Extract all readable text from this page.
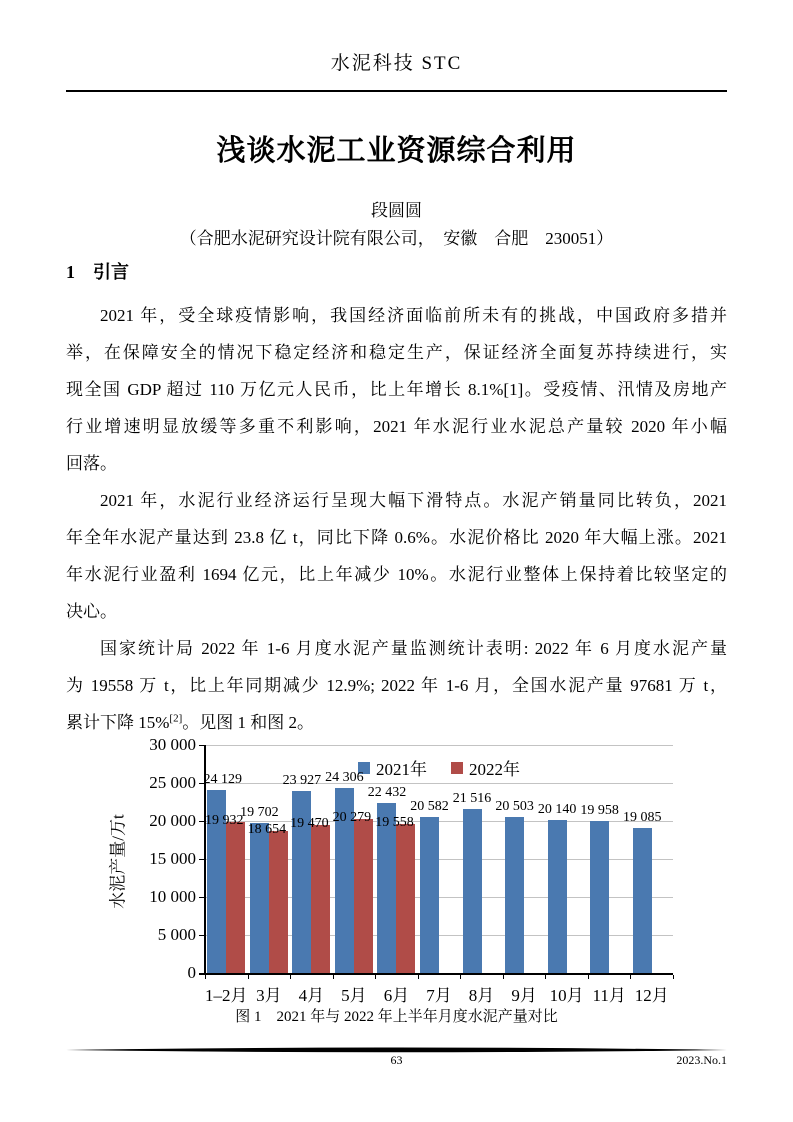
水泥科技 STC
浅谈水泥工业资源综合利用
段圆圆
（合肥水泥研究设计院有限公司，　安徽　合肥　230051）
1　引言
2021 年，受全球疫情影响，我国经济面临前所未有的挑战，中国政府多措并
举，在保障安全的情况下稳定经济和稳定生产，保证经济全面复苏持续进行，实
现全国 GDP 超过 110 万亿元人民币，比上年增长 8.1%[1]。受疫情、汛情及房地产
行业增速明显放缓等多重不利影响，2021 年水泥行业水泥总产量较 2020 年小幅
回落。
2021 年，水泥行业经济运行呈现大幅下滑特点。水泥产销量同比转负，2021
年全年水泥产量达到 23.8 亿 t，同比下降 0.6%。水泥价格比 2020 年大幅上涨。2021
年水泥行业盈利 1694 亿元，比上年减少 10%。水泥行业整体上保持着比较坚定的
决心。
国家统计局 2022 年 1-6 月度水泥产量监测统计表明: 2022 年 6 月度水泥产量
为 19558 万 t，比上年同期减少 12.9%; 2022 年 1-6 月，全国水泥产量 97681 万 t，
累计下降 15%[2]。见图 1 和图 2。
0
5 000
10 000
15 000
20 000
25 000
30 000
水泥产量/万t	19 932
24 129
1–2月
18 654
19 702
3月
19 470
23 927
4月
20 279
24 306
5月
19 558
22 432
6月
20 582
7月
21 516
8月
20 503
9月
20 140
10月
19 958
11月
19 085
12月
2021年 2022年
图 1　2021 年与 2022 年上半年月度水泥产量对比
63	2023.No.1
